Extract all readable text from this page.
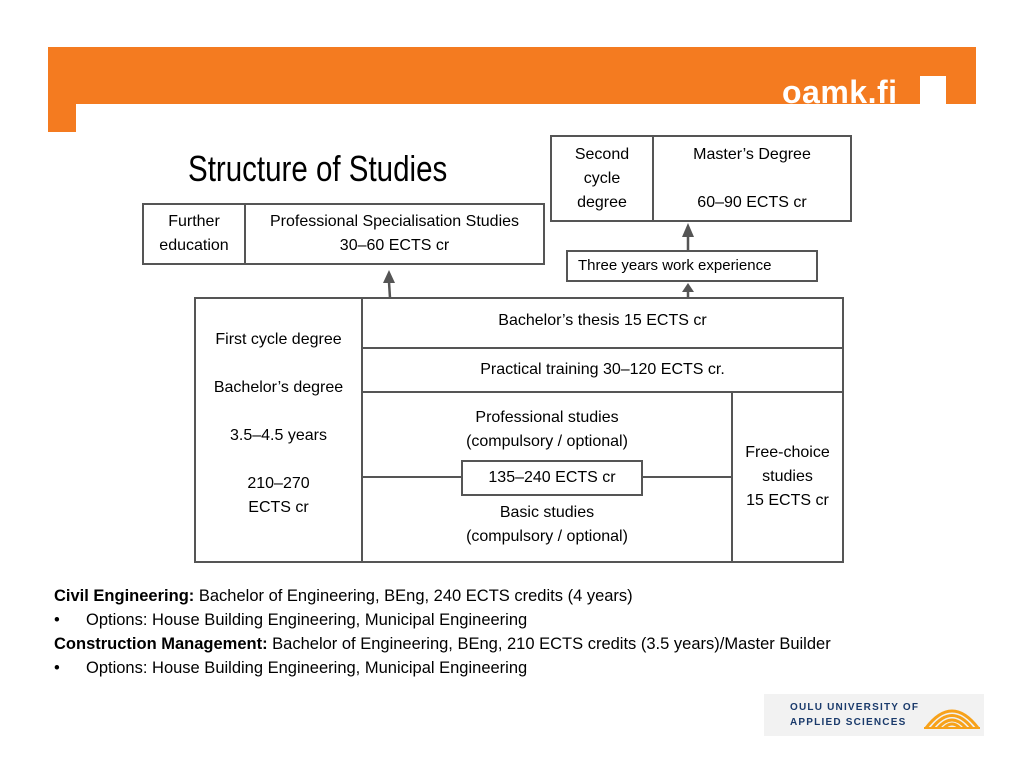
oamk.fi
Structure of Studies
Further
education
Professional Specialisation Studies
30–60 ECTS cr
Second
cycle
degree
Master’s Degree
60–90 ECTS cr
Three years work experience
First cycle degree
Bachelor’s degree
3.5–4.5 years
210–270
ECTS cr
Bachelor’s thesis 15 ECTS cr
Practical training 30–120 ECTS cr.
Professional studies
(compulsory / optional)
135–240 ECTS cr
Basic studies
(compulsory / optional)
Free-choice
studies
15 ECTS cr
Civil Engineering: Bachelor of Engineering, BEng, 240 ECTS credits (4 years)
• Options: House Building Engineering, Municipal Engineering
Construction Management: Bachelor of Engineering, BEng, 210 ECTS credits (3.5 years)/Master Builder
• Options: House Building Engineering, Municipal Engineering
OULU UNIVERSITY OF
APPLIED SCIENCES
